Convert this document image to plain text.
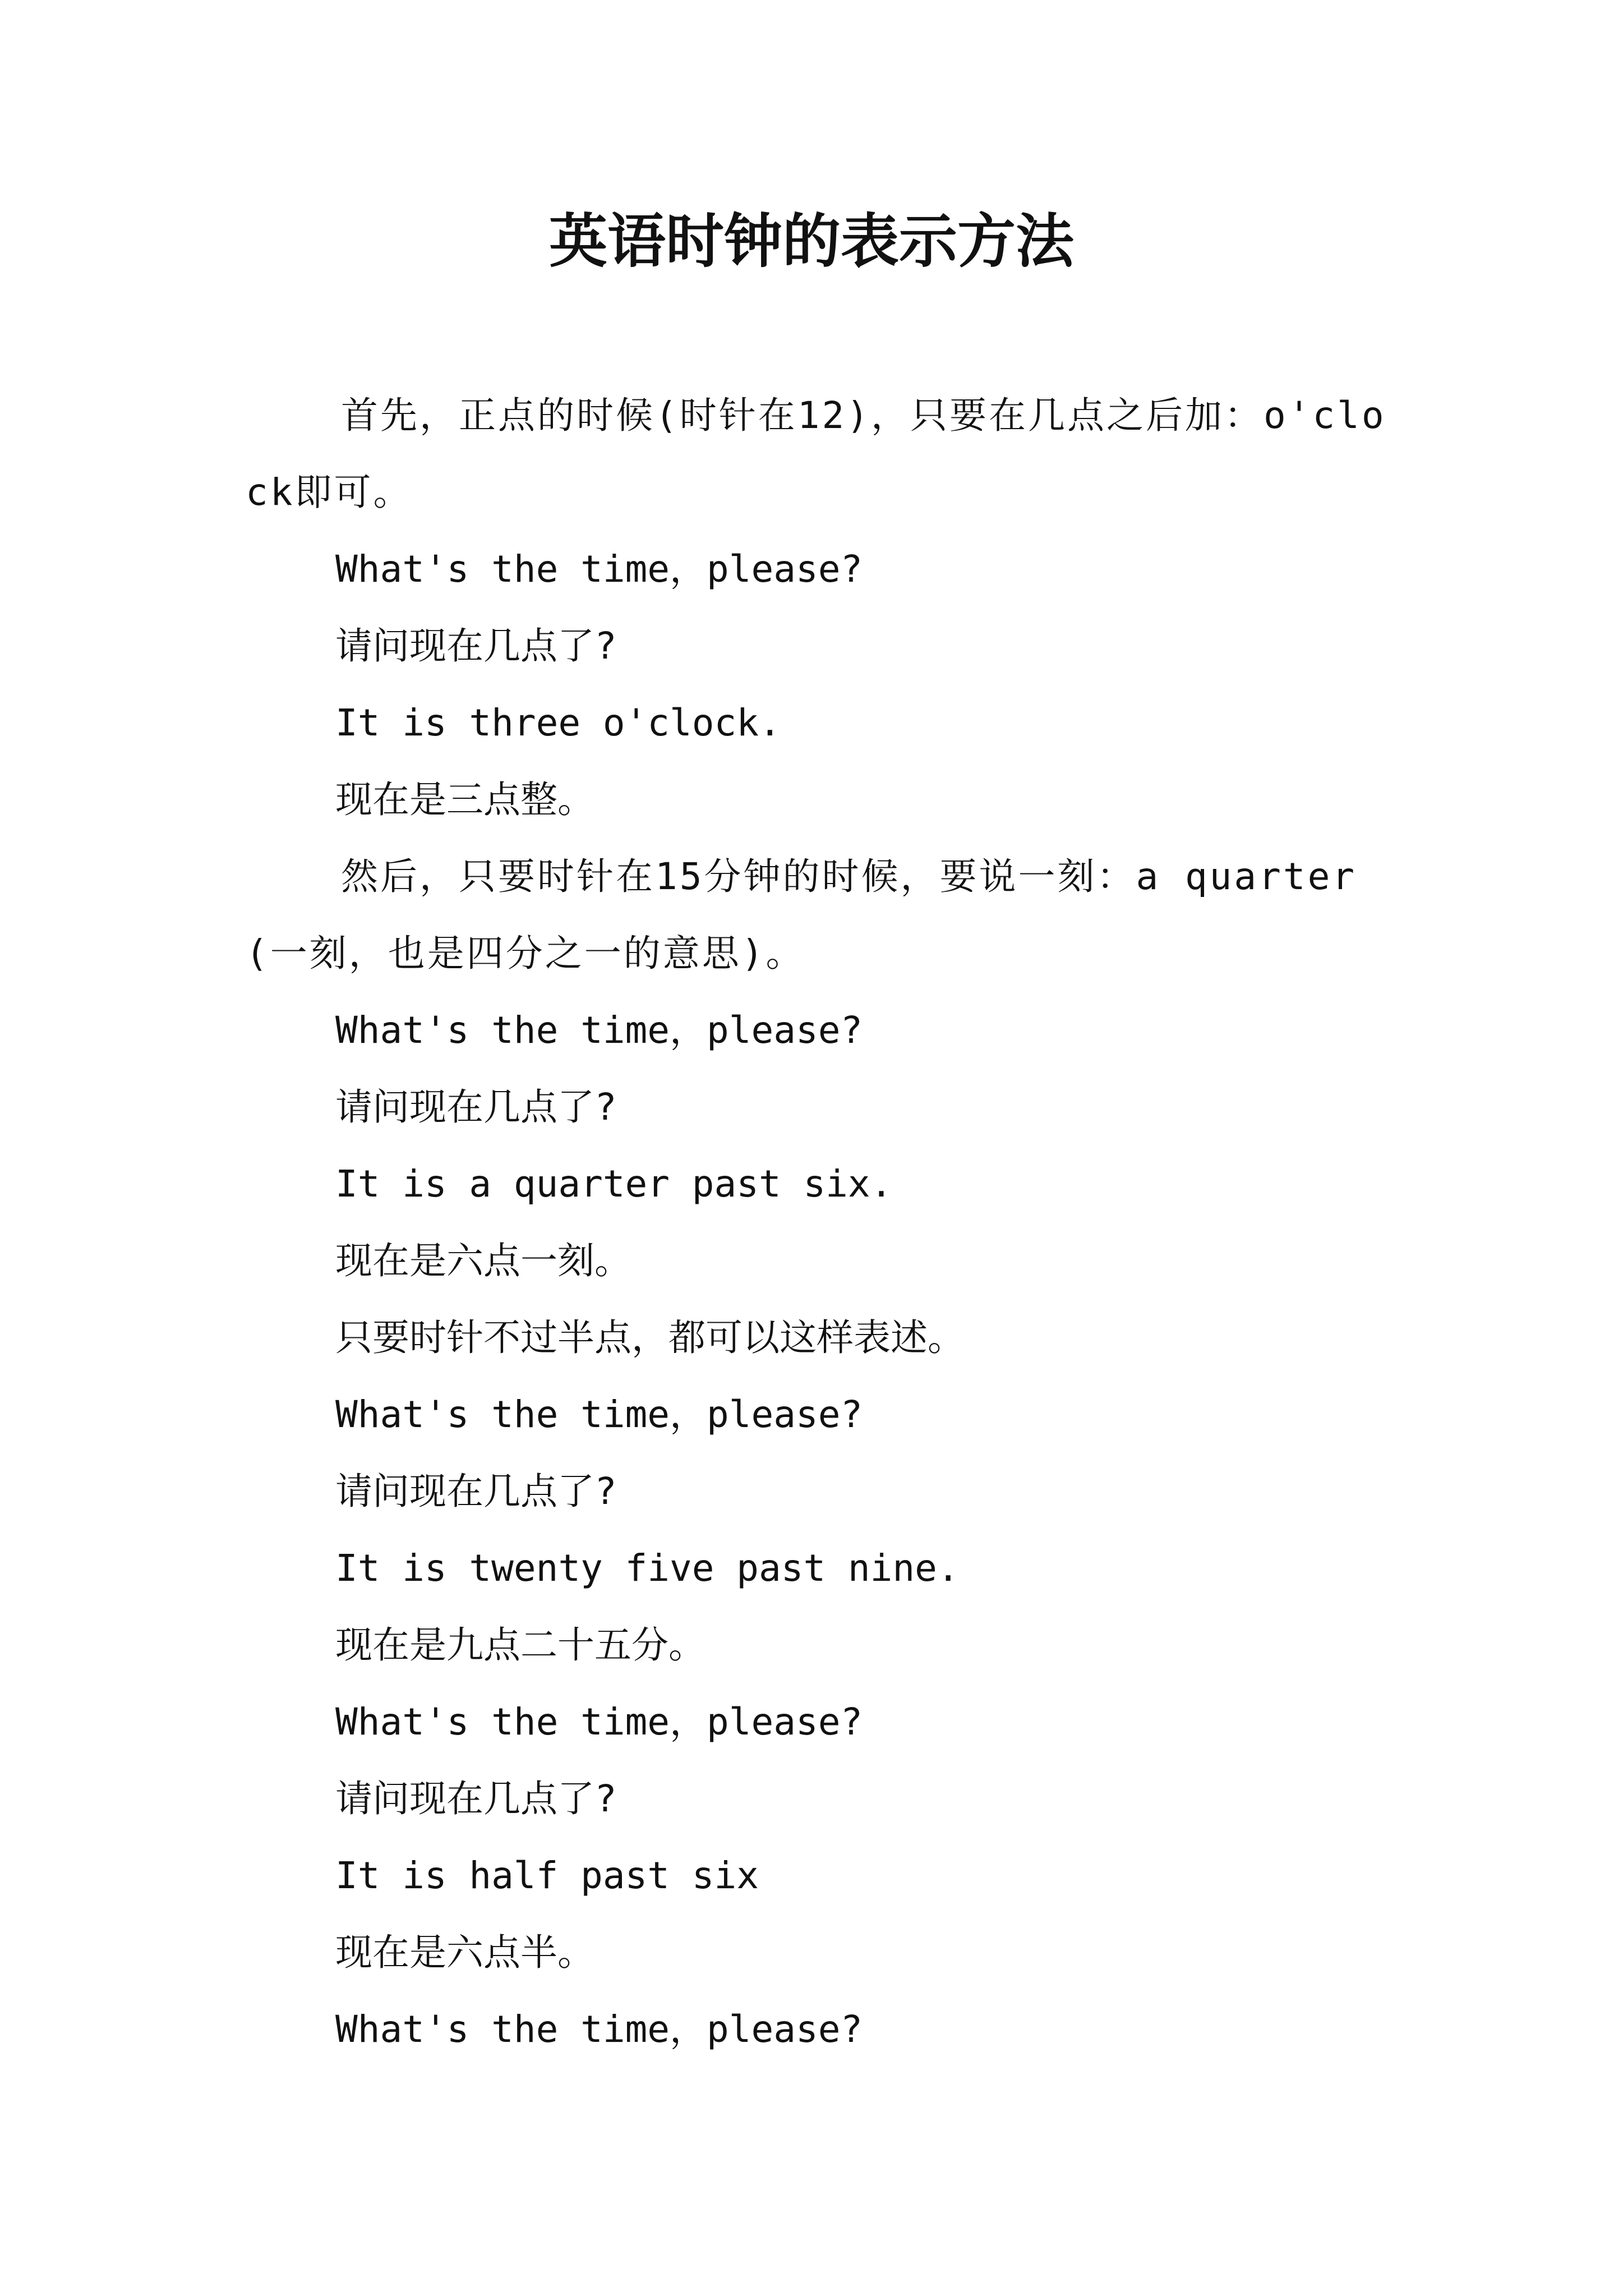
英语时钟的表示方法

首先，正点的时候(时针在12)，只要在几点之后加：o'clock即可。

What's the time，please?

请问现在几点了?

It is three o'clock.

现在是三点整。

然后，只要时针在15分钟的时候，要说一刻：a quarter(一刻，也是四分之一的意思)。

What's the time，please?

请问现在几点了?

It is a quarter past six.

现在是六点一刻。

只要时针不过半点，都可以这样表述。

What's the time，please?

请问现在几点了?

It is twenty five past nine.

现在是九点二十五分。

What's the time，please?

请问现在几点了?

It is half past six

现在是六点半。

What's the time，please?
